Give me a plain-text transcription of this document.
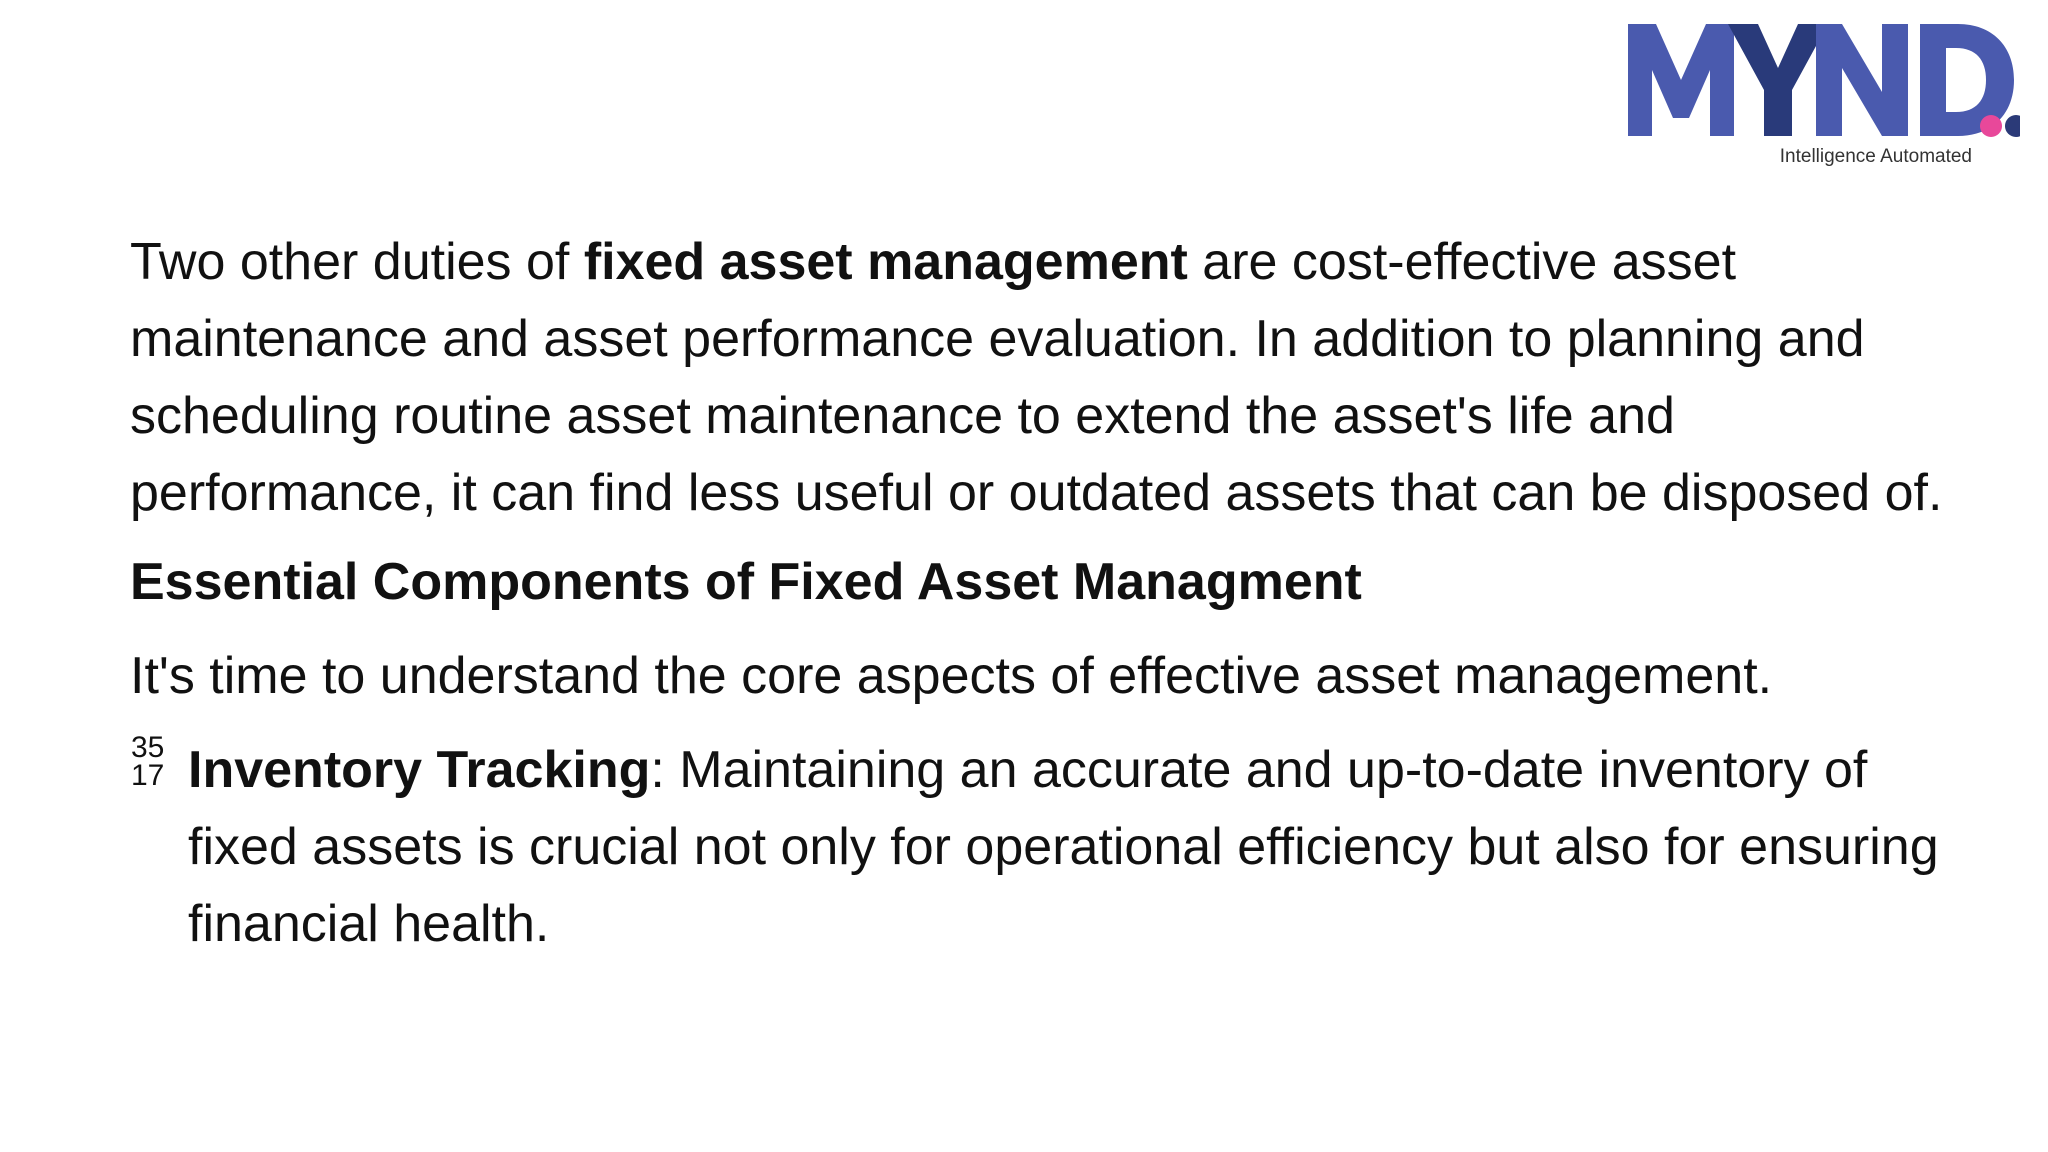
Intelligence Automated

Two other duties of fixed asset management are cost-effective asset maintenance and asset performance evaluation. In addition to planning and scheduling routine asset maintenance to extend the asset's life and performance, it can find less useful or outdated assets that can be disposed of.

Essential Components of Fixed Asset Managment

It's time to understand the core aspects of effective asset management.

35
17 Inventory Tracking: Maintaining an accurate and up-to-date inventory of fixed assets is crucial not only for operational efficiency but also for ensuring financial health.
